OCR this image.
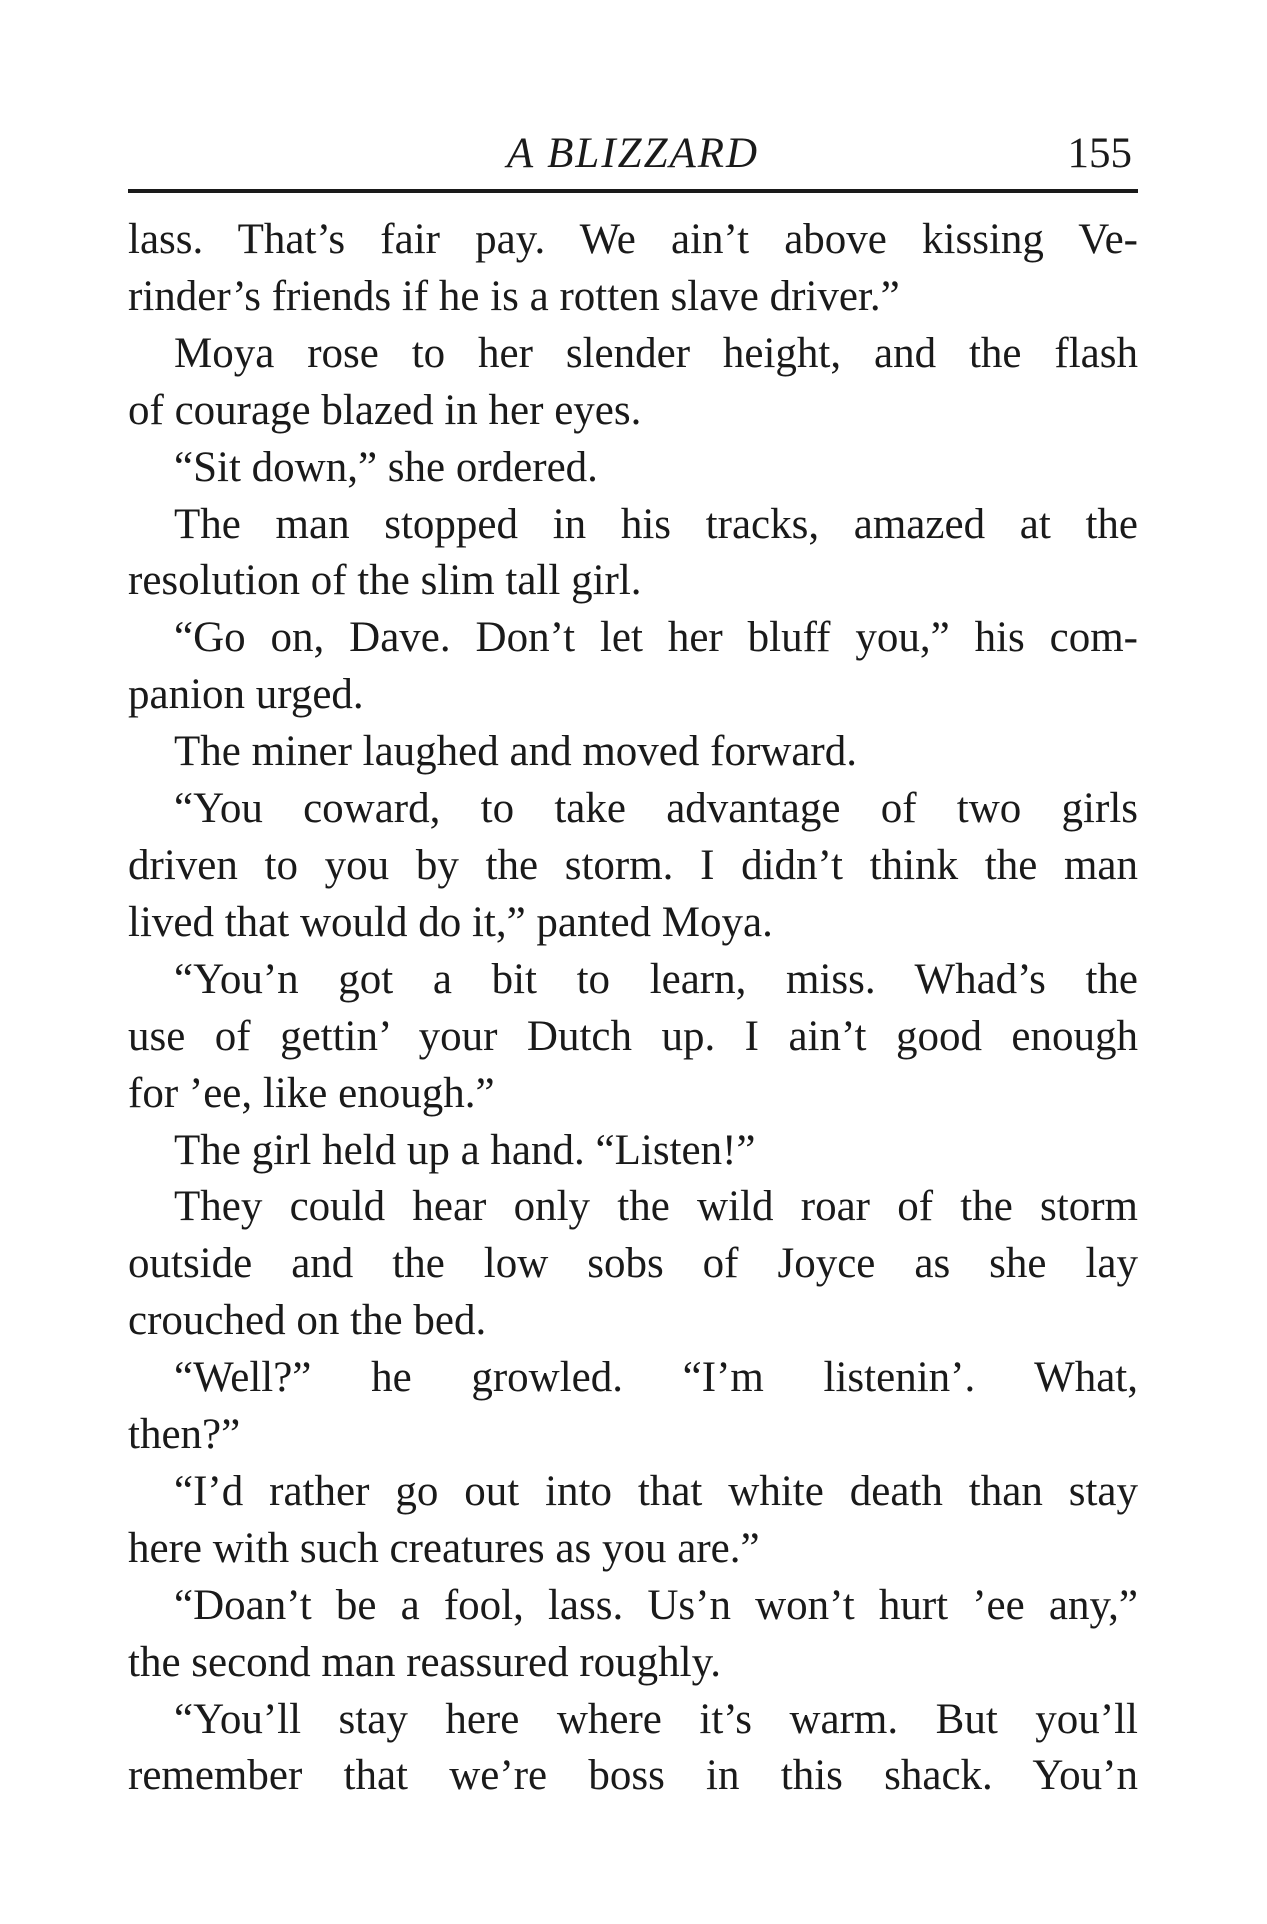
A BLIZZARD	155
lass. That’s fair pay. We ain’t above kissing Ve-
rinder’s friends if he is a rotten slave driver.”
Moya rose to her slender height, and the flash
of courage blazed in her eyes.
“Sit down,” she ordered.
The man stopped in his tracks, amazed at the
resolution of the slim tall girl.
“Go on, Dave. Don’t let her bluff you,” his com-
panion urged.
The miner laughed and moved forward.
“You coward, to take advantage of two girls
driven to you by the storm. I didn’t think the man
lived that would do it,” panted Moya.
“You’n got a bit to learn, miss. Whad’s the
use of gettin’ your Dutch up. I ain’t good enough
for ’ee, like enough.”
The girl held up a hand. “Listen!”
They could hear only the wild roar of the storm
outside and the low sobs of Joyce as she lay
crouched on the bed.
“Well?” he growled. “I’m listenin’. What,
then?”
“I’d rather go out into that white death than stay
here with such creatures as you are.”
“Doan’t be a fool, lass. Us’n won’t hurt ’ee any,”
the second man reassured roughly.
“You’ll stay here where it’s warm. But you’ll
remember that we’re boss in this shack. You’n
